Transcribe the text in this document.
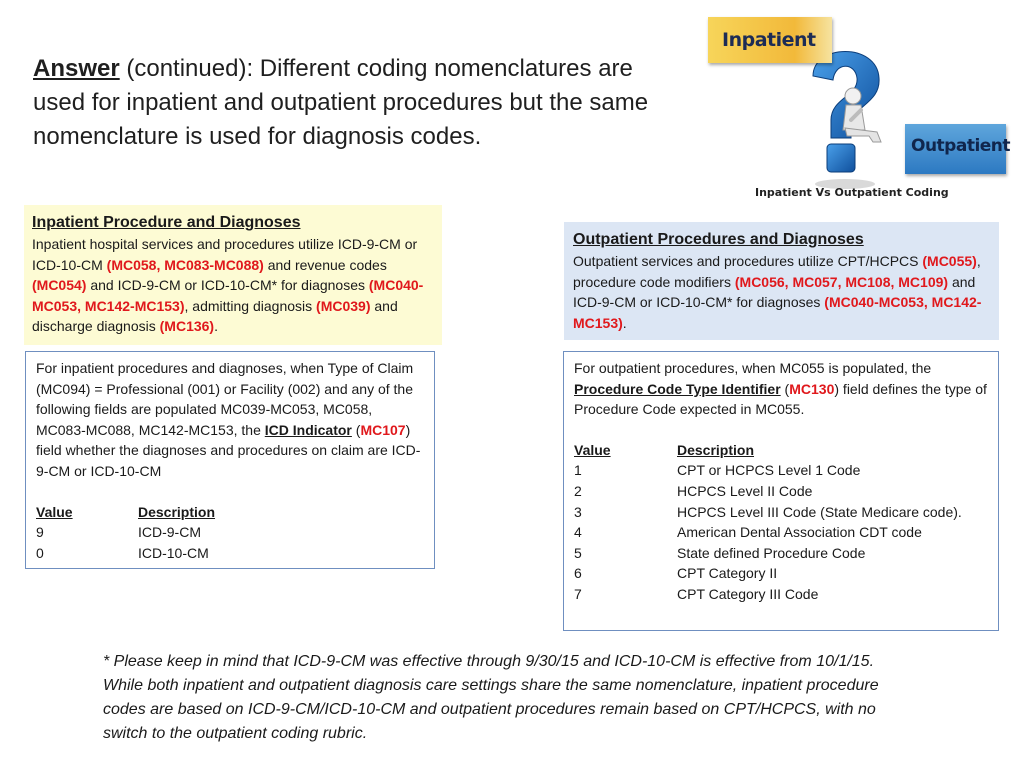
Answer (continued): Different coding nomenclatures are used for inpatient and outpatient procedures but the same nomenclature is used for diagnosis codes.
Inpatient
Outpatient
Inpatient Vs Outpatient Coding
Inpatient Procedure and Diagnoses
Inpatient hospital services and procedures utilize ICD-9-CM or ICD-10-CM (MC058, MC083-MC088) and revenue codes (MC054) and ICD-9-CM or ICD-10-CM* for diagnoses (MC040-MC053, MC142-MC153), admitting diagnosis (MC039) and discharge diagnosis (MC136).
Outpatient Procedures and Diagnoses
Outpatient services and procedures utilize CPT/HCPCS (MC055), procedure code modifiers (MC056, MC057, MC108, MC109) and ICD-9-CM or ICD-10-CM* for diagnoses (MC040-MC053, MC142-MC153).
For inpatient procedures and diagnoses, when Type of Claim (MC094) = Professional (001) or Facility (002) and any of the following fields are populated MC039-MC053, MC058, MC083-MC088, MC142-MC153, the ICD Indicator (MC107) field whether the diagnoses and procedures on claim are ICD-9-CM or ICD-10-CM
Value	Description
9	ICD-9-CM
0	ICD-10-CM
For outpatient procedures, when MC055 is populated, the Procedure Code Type Identifier (MC130) field defines the type of Procedure Code expected in MC055.
Value	Description
1	CPT or HCPCS Level 1 Code
2	HCPCS Level II Code
3	HCPCS Level III Code (State Medicare code).
4	American Dental Association CDT code
5	State defined Procedure Code
6	CPT Category II
7	CPT Category III Code
* Please keep in mind that ICD-9-CM was effective through 9/30/15 and ICD-10-CM is effective from 10/1/15. While both inpatient and outpatient diagnosis care settings share the same nomenclature, inpatient procedure codes are based on ICD-9-CM/ICD-10-CM and outpatient procedures remain based on CPT/HCPCS, with no switch to the outpatient coding rubric.
